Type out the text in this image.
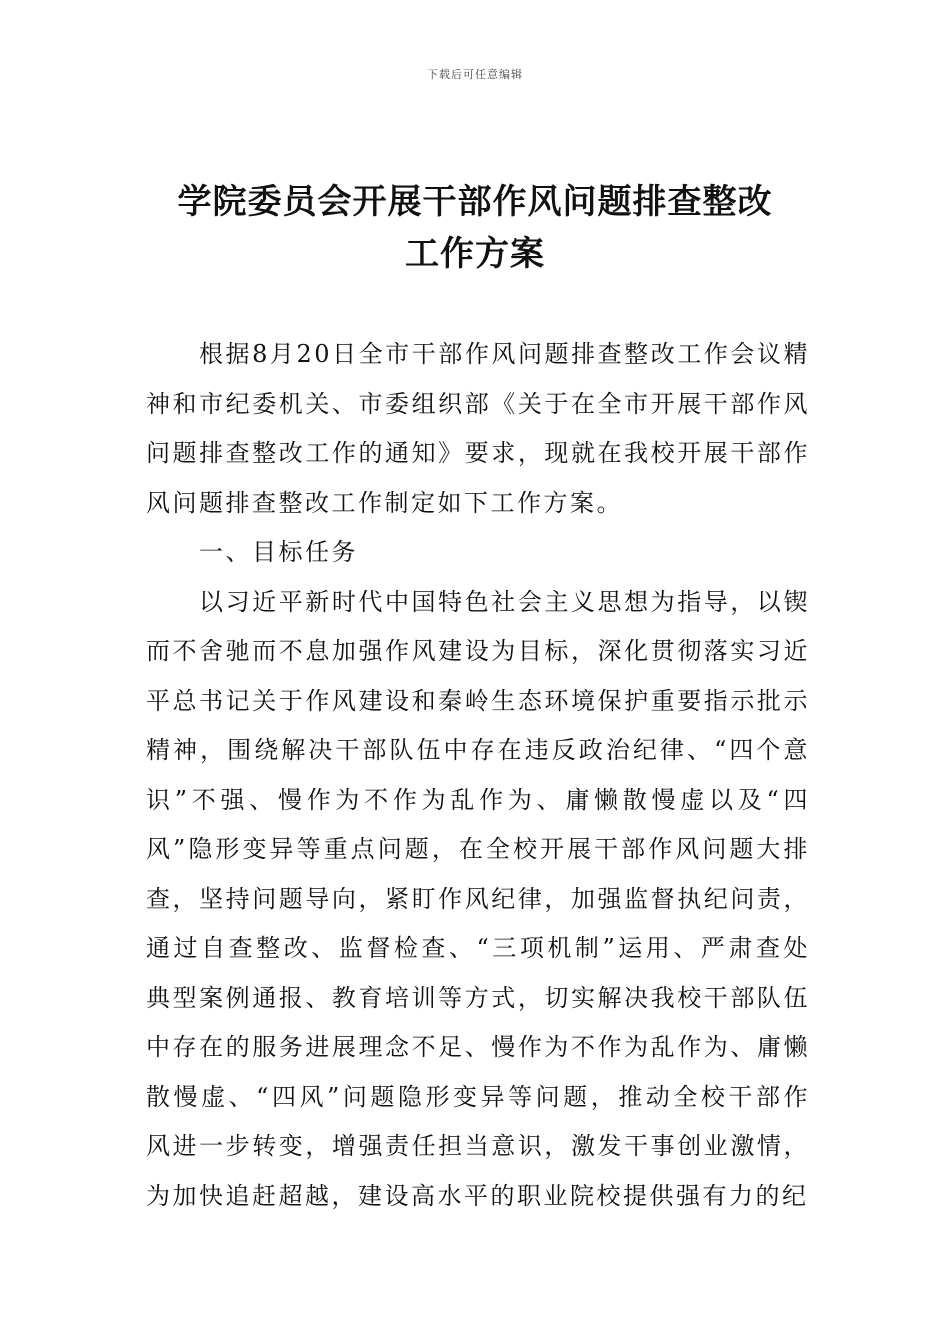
下载后可任意编辑
学院委员会开展干部作风问题排查整改
工作方案

根据8月20日全市干部作风问题排查整改工作会议精神和市纪委机关、市委组织部《关于在全市开展干部作风问题排查整改工作的通知》要求，现就在我校开展干部作风问题排查整改工作制定如下工作方案。

一、目标任务

以习近平新时代中国特色社会主义思想为指导，以锲而不舍驰而不息加强作风建设为目标，深化贯彻落实习近平总书记关于作风建设和秦岭生态环境保护重要指示批示精神，围绕解决干部队伍中存在违反政治纪律、“四个意识”不强、慢作为不作为乱作为、庸懒散慢虚以及“四风”隐形变异等重点问题，在全校开展干部作风问题大排查，坚持问题导向，紧盯作风纪律，加强监督执纪问责，通过自查整改、监督检查、“三项机制”运用、严肃查处典型案例通报、教育培训等方式，切实解决我校干部队伍中存在的服务进展理念不足、慢作为不作为乱作为、庸懒散慢虚、“四风”问题隐形变异等问题，推动全校干部作风进一步转变，增强责任担当意识，激发干事创业激情，为加快追赶超越，建设高水平的职业院校提供强有力的纪
